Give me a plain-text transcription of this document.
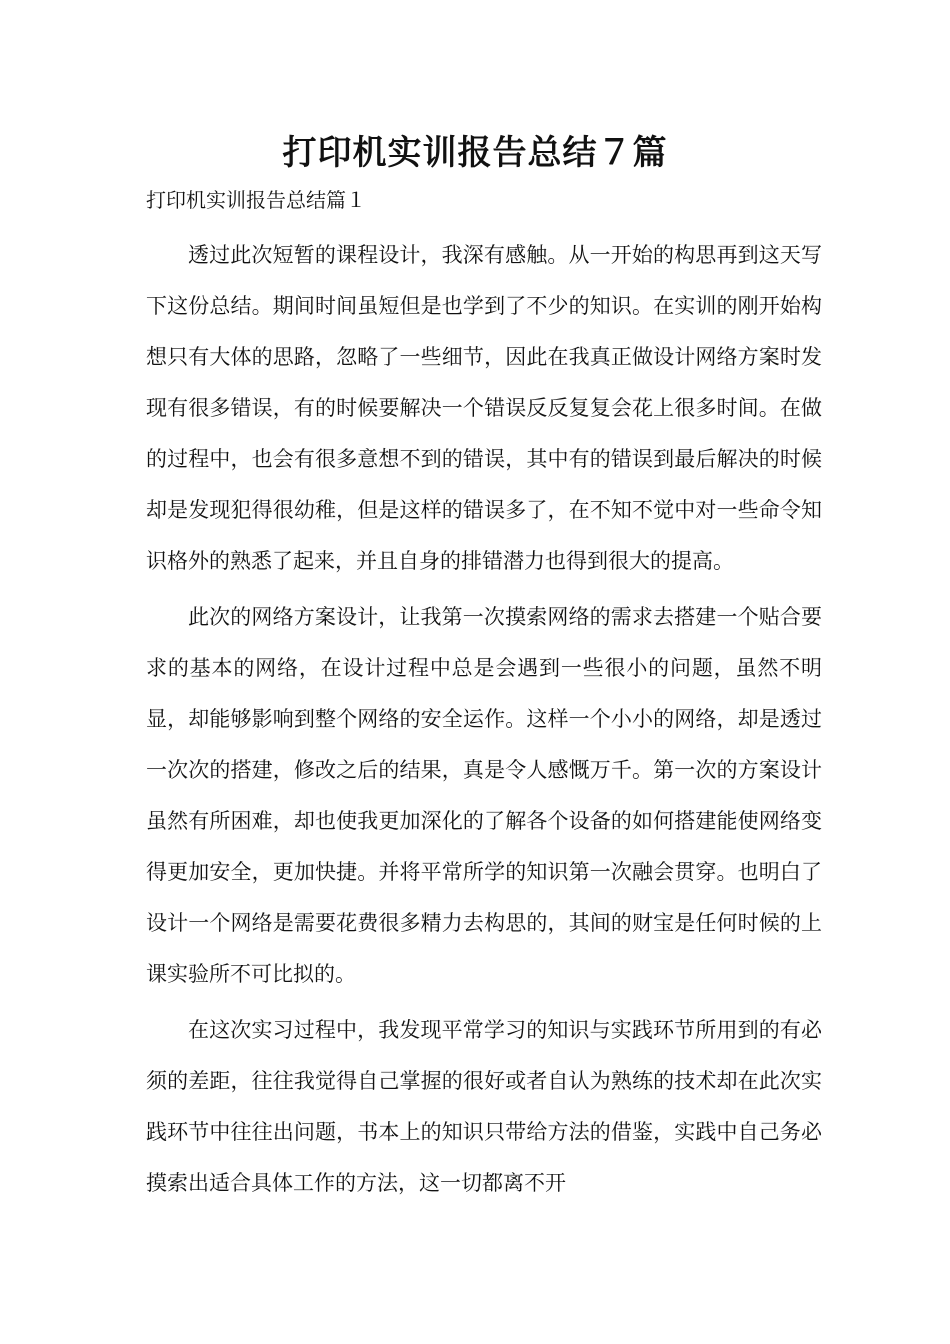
打印机实训报告总结７篇
打印机实训报告总结篇１

透过此次短暂的课程设计，我深有感触。从一开始的构思再到这天写下这份总结。期间时间虽短但是也学到了不少的知识。在实训的刚开始构想只有大体的思路，忽略了一些细节，因此在我真正做设计网络方案时发现有很多错误，有的时候要解决一个错误反反复复会花上很多时间。在做的过程中，也会有很多意想不到的错误，其中有的错误到最后解决的时候却是发现犯得很幼稚，但是这样的错误多了，在不知不觉中对一些命令知识格外的熟悉了起来，并且自身的排错潜力也得到很大的提高。

此次的网络方案设计，让我第一次摸索网络的需求去搭建一个贴合要求的基本的网络，在设计过程中总是会遇到一些很小的问题，虽然不明显，却能够影响到整个网络的安全运作。这样一个小小的网络，却是透过一次次的搭建，修改之后的结果，真是令人感慨万千。第一次的方案设计虽然有所困难，却也使我更加深化的了解各个设备的如何搭建能使网络变得更加安全，更加快捷。并将平常所学的知识第一次融会贯穿。也明白了设计一个网络是需要花费很多精力去构思的，其间的财宝是任何时候的上课实验所不可比拟的。

在这次实习过程中，我发现平常学习的知识与实践环节所用到的有必须的差距，往往我觉得自己掌握的很好或者自认为熟练的技术却在此次实践环节中往往出问题，书本上的知识只带给方法的借鉴，实践中自己务必摸索出适合具体工作的方法，这一切都离不开
